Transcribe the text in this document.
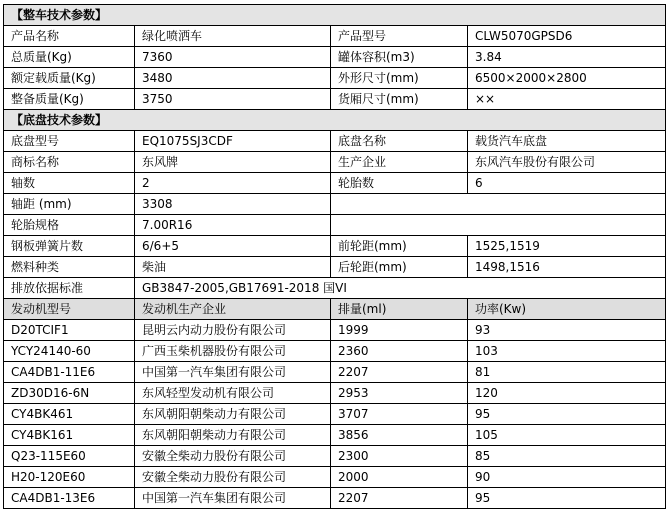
【整车技术参数】			
产品名称	绿化喷洒车	产品型号	CLW5070GPSD6
总质量(Kg)	7360	罐体容积(m3)	3.84
额定载质量(Kg)	3480	外形尺寸(mm)	6500×2000×2800
整备质量(Kg)	3750	货厢尺寸(mm)	××
【底盘技术参数】			
底盘型号	EQ1075SJ3CDF	底盘名称	载货汽车底盘
商标名称	东风牌	生产企业	东风汽车股份有限公司
轴数	2	轮胎数	6
轴距 (mm)	3308		
轮胎规格	7.00R16		
钢板弹簧片数	6/6+5	前轮距(mm)	1525,1519
燃料种类	柴油	后轮距(mm)	1498,1516
排放依据标准	GB3847-2005,GB17691-2018 国VI		
发动机型号	发动机生产企业	排量(ml)	功率(Kw)
D20TCIF1	昆明云内动力股份有限公司	1999	93
YCY24140-60	广西玉柴机器股份有限公司	2360	103
CA4DB1-11E6	中国第一汽车集团有限公司	2207	81
ZD30D16-6N	东风轻型发动机有限公司	2953	120
CY4BK461	东风朝阳朝柴动力有限公司	3707	95
CY4BK161	东风朝阳朝柴动力有限公司	3856	105
Q23-115E60	安徽全柴动力股份有限公司	2300	85
H20-120E60	安徽全柴动力股份有限公司	2000	90
CA4DB1-13E6	中国第一汽车集团有限公司	2207	95
